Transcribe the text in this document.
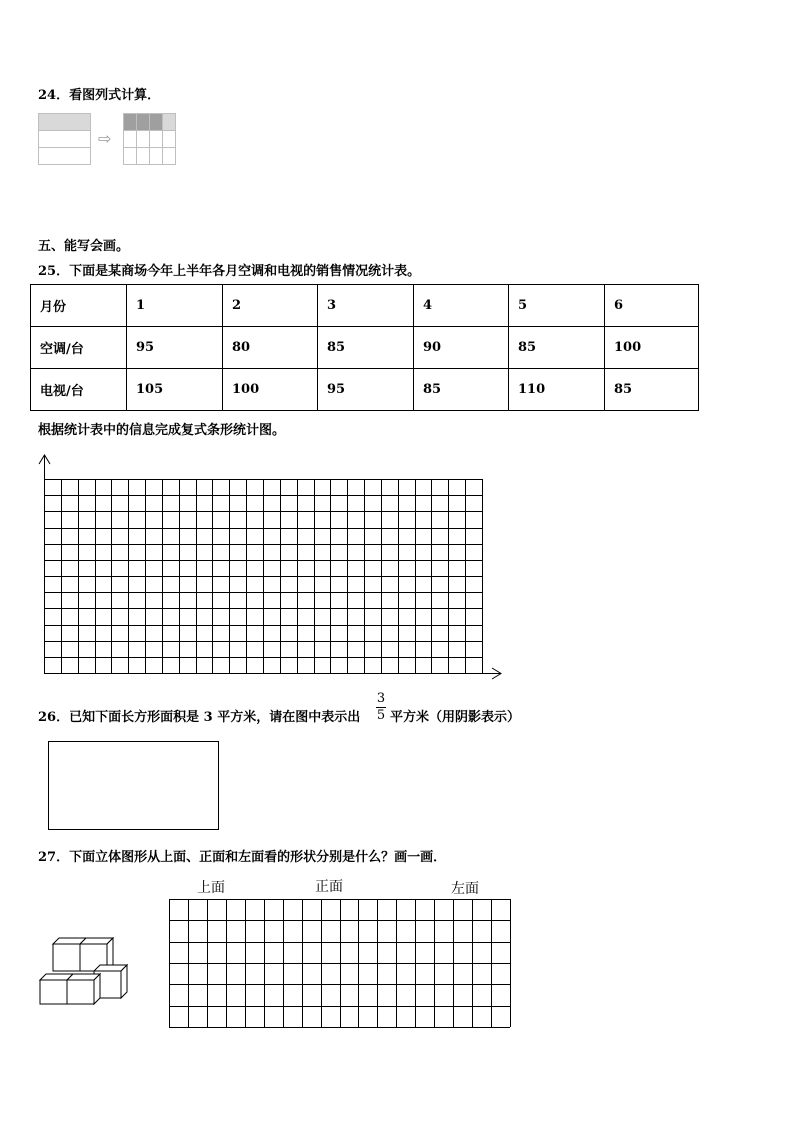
24．看图列式计算．
⇨
五、能写会画。
25．下面是某商场今年上半年各月空调和电视的销售情况统计表。
月份	1	2	3	4	5	6
空调/台	95	80	85	90	85	100
电视/台	105	100	95	85	110	85
根据统计表中的信息完成复式条形统计图。
26．已知下面长方形面积是 3 平方米，请在图中表示出
3
5 平方米（用阴影表示）
27．下面立体图形从上面、正面和左面看的形状分别是什么？画一画．
上面	正面	左面
